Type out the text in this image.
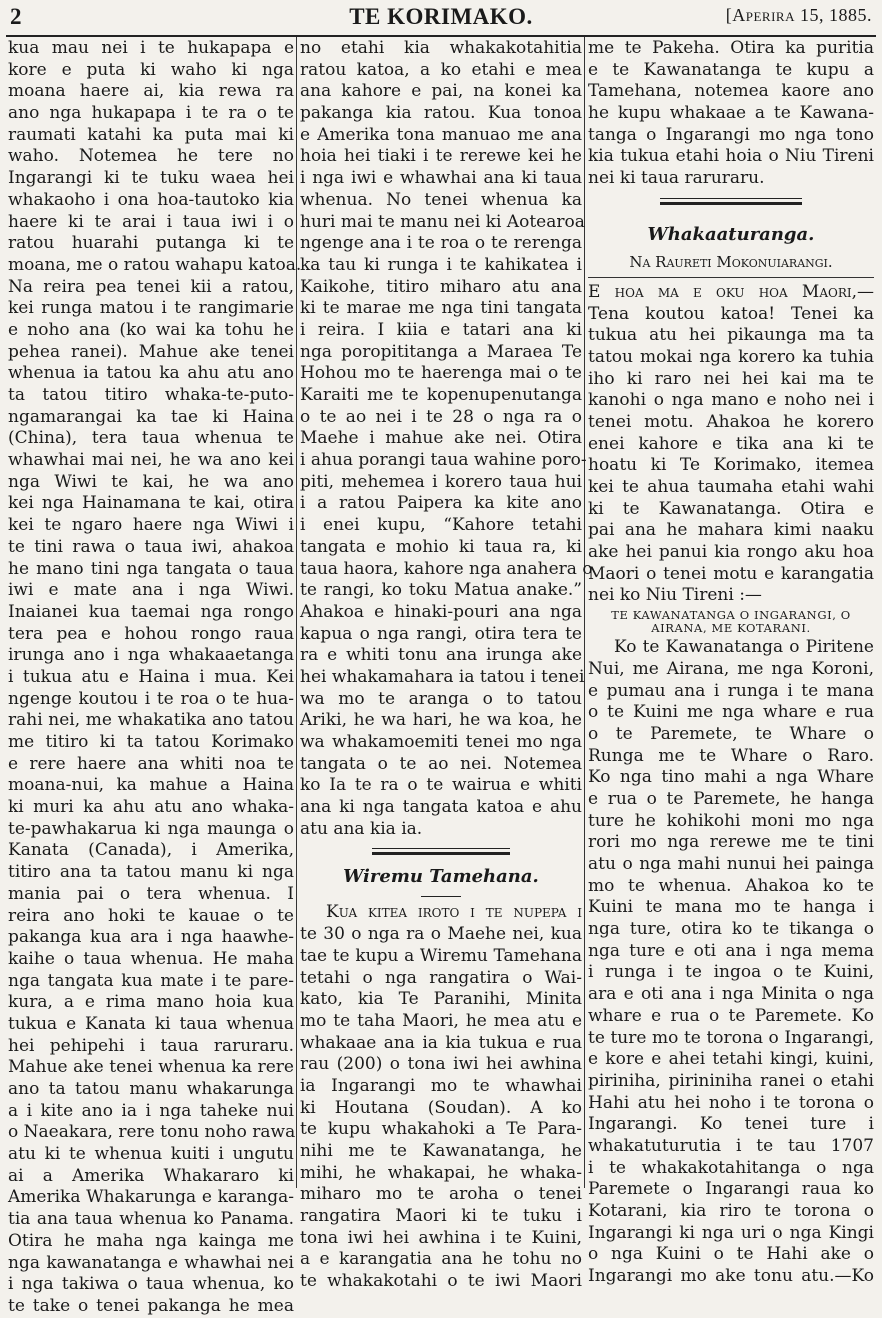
2	TE KORIMAKO.	[Aperira 15, 1885.
kua mau nei i te hukapapa e
kore e puta ki waho ki nga
moana haere ai, kia rewa ra
ano nga hukapapa i te ra o te
raumati katahi ka puta mai ki
waho. Notemea he tere no
Ingarangi ki te tuku waea hei
whakaoho i ona hoa-tautoko kia
haere ki te arai i taua iwi i o
ratou huarahi putanga ki te
moana, me o ratou wahapu katoa.
Na reira pea tenei kii a ratou,
kei runga matou i te rangimarie
e noho ana (ko wai ka tohu he
pehea ranei). Mahue ake tenei
whenua ia tatou ka ahu atu ano
ta tatou titiro whaka-te-puto-
ngamarangai ka tae ki Haina
(China), tera taua whenua te
whawhai mai nei, he wa ano kei
nga Wiwi te kai, he wa ano
kei nga Hainamana te kai, otira
kei te ngaro haere nga Wiwi i
te tini rawa o taua iwi, ahakoa
he mano tini nga tangata o taua
iwi e mate ana i nga Wiwi.
Inaianei kua taemai nga rongo
tera pea e hohou rongo raua
irunga ano i nga whakaaetanga
i tukua atu e Haina i mua. Kei
ngenge koutou i te roa o te hua-
rahi nei, me whakatika ano tatou
me titiro ki ta tatou Korimako
e rere haere ana whiti noa te
moana-nui, ka mahue a Haina
ki muri ka ahu atu ano whaka-
te-pawhakarua ki nga maunga o
Kanata (Canada), i Amerika,
titiro ana ta tatou manu ki nga
mania pai o tera whenua. I
reira ano hoki te kauae o te
pakanga kua ara i nga haawhe-
kaihe o taua whenua. He maha
nga tangata kua mate i te pare-
kura, a e rima mano hoia kua
tukua e Kanata ki taua whenua
hei pehipehi i taua raruraru.
Mahue ake tenei whenua ka rere
ano ta tatou manu whakarunga
a i kite ano ia i nga taheke nui
o Naeakara, rere tonu noho rawa
atu ki te whenua kuiti i ungutu
ai a Amerika Whakararo ki
Amerika Whakarunga e karanga-
tia ana taua whenua ko Panama.
Otira he maha nga kainga me
nga kawanatanga e whawhai nei
i nga takiwa o taua whenua, ko
te take o tenei pakanga he mea
no etahi kia whakakotahitia
ratou katoa, a ko etahi e mea
ana kahore e pai, na konei ka
pakanga kia ratou. Kua tonoa
e Amerika tona manuao me ana
hoia hei tiaki i te rerewe kei he
i nga iwi e whawhai ana ki taua
whenua. No tenei whenua ka
huri mai te manu nei ki Aotearoa
ngenge ana i te roa o te rerenga
ka tau ki runga i te kahikatea i
Kaikohe, titiro miharo atu ana
ki te marae me nga tini tangata
i reira. I kiia e tatari ana ki
nga poropititanga a Maraea Te
Hohou mo te haerenga mai o te
Karaiti me te kopenupenutanga
o te ao nei i te 28 o nga ra o
Maehe i mahue ake nei. Otira
i ahua porangi taua wahine poro-
piti, mehemea i korero taua hui
i a ratou Paipera ka kite ano
i enei kupu, “Kahore tetahi
tangata e mohio ki taua ra, ki
taua haora, kahore nga anahera o
te rangi, ko toku Matua anake.”
Ahakoa e hinaki-pouri ana nga
kapua o nga rangi, otira tera te
ra e whiti tonu ana irunga ake
hei whakamahara ia tatou i tenei
wa mo te aranga o to tatou
Ariki, he wa hari, he wa koa, he
wa whakamoemiti tenei mo nga
tangata o te ao nei. Notemea
ko Ia te ra o te wairua e whiti
ana ki nga tangata katoa e ahu
atu ana kia ia.
Wiremu Tamehana.
Kua kitea iroto i te nupepa i
te 30 o nga ra o Maehe nei, kua
tae te kupu a Wiremu Tamehana
tetahi o nga rangatira o Wai-
kato, kia Te Paranihi, Minita
mo te taha Maori, he mea atu e
whakaae ana ia kia tukua e rua
rau (200) o tona iwi hei awhina
ia Ingarangi mo te whawhai
ki Houtana (Soudan). A ko
te kupu whakahoki a Te Para-
nihi me te Kawanatanga, he
mihi, he whakapai, he whaka-
miharo mo te aroha o tenei
rangatira Maori ki te tuku i
tona iwi hei awhina i te Kuini,
a e karangatia ana he tohu no
te whakakotahi o te iwi Maori
me te Pakeha. Otira ka puritia
e te Kawanatanga te kupu a
Tamehana, notemea kaore ano
he kupu whakaae a te Kawana-
tanga o Ingarangi mo nga tono
kia tukua etahi hoia o Niu Tireni
nei ki taua raruraru.
Whakaaturanga.
Na Raureti Mokonuiarangi.
E hoa ma e oku hoa Maori,—
Tena koutou katoa! Tenei ka
tukua atu hei pikaunga ma ta
tatou mokai nga korero ka tuhia
iho ki raro nei hei kai ma te
kanohi o nga mano e noho nei i
tenei motu. Ahakoa he korero
enei kahore e tika ana ki te
hoatu ki Te Korimako, itemea
kei te ahua taumaha etahi wahi
ki te Kawanatanga. Otira e
pai ana he mahara kimi naaku
ake hei panui kia rongo aku hoa
Maori o tenei motu e karangatia
nei ko Niu Tireni :—
TE KAWANATANGA O INGARANGI, O
AIRANA, ME KOTARANI.
Ko te Kawanatanga o Piritene
Nui, me Airana, me nga Koroni,
e pumau ana i runga i te mana
o te Kuini me nga whare e rua
o te Paremete, te Whare o
Runga me te Whare o Raro.
Ko nga tino mahi a nga Whare
e rua o te Paremete, he hanga
ture he kohikohi moni mo nga
rori mo nga rerewe me te tini
atu o nga mahi nunui hei painga
mo te whenua. Ahakoa ko te
Kuini te mana mo te hanga i
nga ture, otira ko te tikanga o
nga ture e oti ana i nga mema
i runga i te ingoa o te Kuini,
ara e oti ana i nga Minita o nga
whare e rua o te Paremete. Ko
te ture mo te torona o Ingarangi,
e kore e ahei tetahi kingi, kuini,
piriniha, pirininiha ranei o etahi
Hahi atu hei noho i te torona o
Ingarangi. Ko tenei ture i
whakatuturutia i te tau 1707
i te whakakotahitanga o nga
Paremete o Ingarangi raua ko
Kotarani, kia riro te torona o
Ingarangi ki nga uri o nga Kingi
o nga Kuini o te Hahi ake o
Ingarangi mo ake tonu atu.—Ko
